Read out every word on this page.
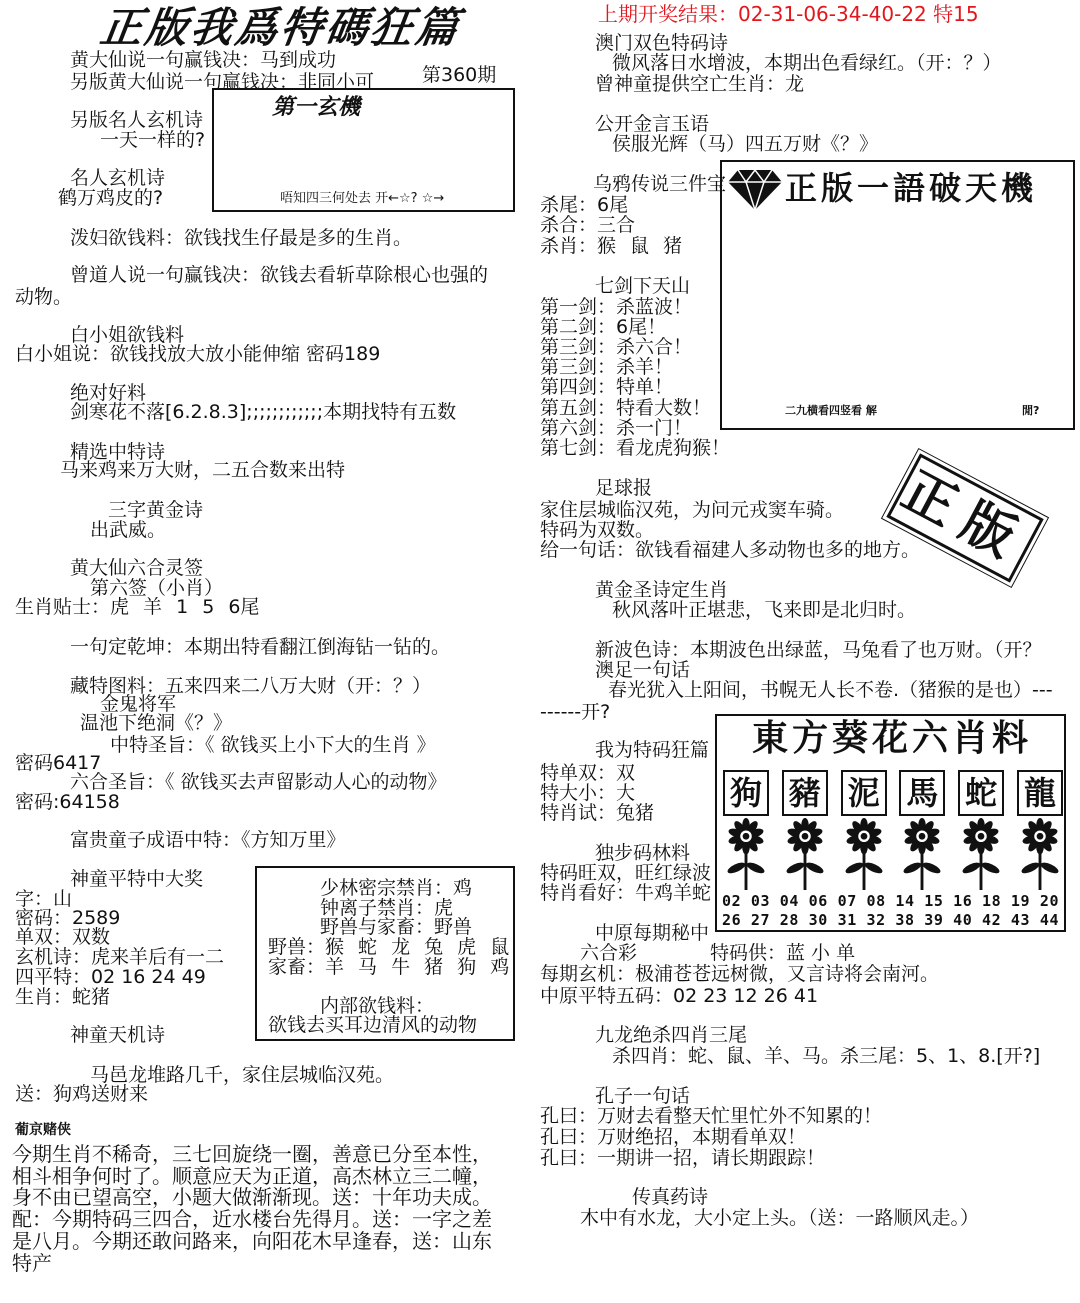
正版我爲特碼狂篇
黄大仙说一句赢钱决：马到成功
另版黄大仙说一句赢钱决：非同小可	第360期
第一玄機
唔知四三何处去 开←☆? ☆→
另版名人玄机诗
一天一样的?
名人玄机诗
鹤万鸡皮的?
泼妇欲钱料：欲钱找生仔最是多的生肖。
曾道人说一句赢钱决：欲钱去看斩草除根心也强的
动物。
白小姐欲钱料
白小姐说：欲钱找放大放小能伸缩 密码189
绝对好料
剑寒花不落[6.2.8.3];;;;;;;;;;;;本期找特有五数
精选中特诗
马来鸡来万大财，二五合数来出特
三字黄金诗
出武威。
黄大仙六合灵签
第六签（小肖）
生肖贴士：虎 羊 1 5 6尾
一句定乾坤：本期出特看翻江倒海钻一钻的。
藏特图料：五来四来二八万大财（开：？）
金鬼将军
温池下绝洞《？》
中特圣旨：《 欲钱买上小下大的生肖 》
密码6417
六合圣旨：《 欲钱买去声留影动人心的动物》
密码:64158
富贵童子成语中特：《方知万里》
神童平特中大奖
字：山
密码：2589
单双：双数
玄机诗：虎来羊后有一二
四平特：02 16 24 49
生肖：蛇猪
少林密宗禁肖：鸡
钟离子禁肖：虎
野兽与家畜：野兽
野兽：猴 蛇 龙 兔 虎 鼠
家畜：羊 马 牛 猪 狗 鸡
内部欲钱料：
欲钱去买耳边清风的动物
神童天机诗
马邑龙堆路几千，家住层城临汉苑。
送：狗鸡送财来
葡京赌侠
今期生肖不稀奇，三七回旋绕一圈，善意已分至本性，
相斗相争何时了。顺意应天为正道，高杰林立三二幢，
身不由已望高空，小题大做渐渐现。送：十年功夫成。
配：今期特码三四合，近水楼台先得月。送：一字之差
是八月。今期还敢问路来，向阳花木早逢春，送：山东
特产
上期开奖结果：02-31-06-34-40-22 特15
澳门双色特码诗
微风落日水增波，本期出色看绿红。（开：？）
曾神童提供空亡生肖：龙
公开金言玉语
侯服光辉（马）四五万财《？》
正版一語破天機
二九横看四竖看 解	閒?
乌鸦传说三件宝
杀尾：6尾
杀合：三合
杀肖：猴 鼠 猪
七剑下天山
第一剑：杀蓝波！
第二剑：6尾！
第三剑：杀六合！
第三剑：杀羊！
第四剑：特单！
第五剑：特看大数！
第六剑：杀一门！
第七剑：看龙虎狗猴！
足球报
家住层城临汉苑，为问元戎窦车骑。
特码为双数。
给一句话：欲钱看福建人多动物也多的地方。
正版
黄金圣诗定生肖
秋风落叶正堪悲，飞来即是北归时。
新波色诗：本期波色出绿蓝，马兔看了也万财。（开？
澳足一句话
春光犹入上阳间，书幌无人长不卷.（猪猴的是也）---
------开?
東方葵花六肖料
狗 豬 泥 馬 蛇 龍
02 03 04 06 07 08 14 15 16 18 19 20
26 27 28 30 31 32 38 39 40 42 43 44
我为特码狂篇
特单双：双
特大小：大
特肖试：兔猪
独步码林料
特码旺双，旺红绿波
特肖看好：牛鸡羊蛇
中原每期秘中
六合彩	特码供：蓝 小 单
每期玄机：极浦苍苍远树微，又言诗将会南河。
中原平特五码：02 23 12 26 41
九龙绝杀四肖三尾
杀四肖：蛇、鼠、羊、马。杀三尾：5、1、8.[开?]
孔子一句话
孔曰：万财去看整天忙里忙外不知累的！
孔曰：万财绝招，本期看单双！
孔曰：一期讲一招，请长期跟踪！
传真药诗
木中有水龙，大小定上头。（送：一路顺风走。）
